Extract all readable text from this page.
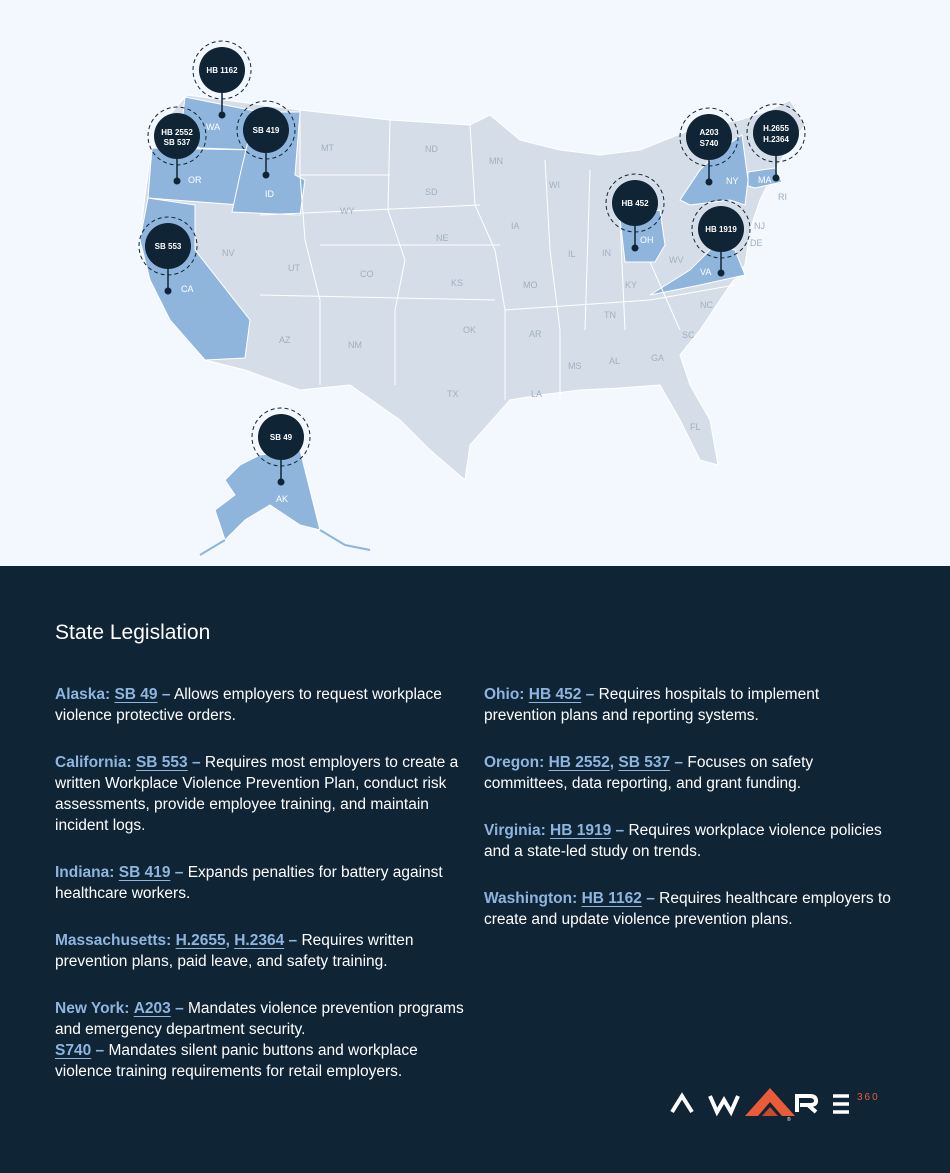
WA
OR
CA
ID
NV
MT
WY
UT
AZ
CO
NM
ND
SD
NE
KS
OK
TX
MN
IA
MO
AR
LA
WI
IL
MS	AL
IN
KY
TN
OH
GA
FL
SC
NC
VA
WV
NY MA
RI
NJ
DE
AK
HB 1162
HB 2552
SB 537
SB 419
SB 553
SB 49
HB 452
A203
S740
H.2655
H.2364
HB 1919
State Legislation

Alaska: SB 49 – Allows employers to request workplace violence protective orders.

California: SB 553 – Requires most employers to create a written Workplace Violence Prevention Plan, conduct risk assessments, provide employee training, and maintain incident logs.

Indiana: SB 419 – Expands penalties for battery against healthcare workers.

Massachusetts: H.2655, H.2364 – Requires written prevention plans, paid leave, and safety training.

New York: A203 – Mandates violence prevention programs and emergency department security.
S740 – Mandates silent panic buttons and workplace violence training requirements for retail employers.

Ohio: HB 452 – Requires hospitals to implement prevention plans and reporting systems.

Oregon: HB 2552, SB 537 – Focuses on safety committees, data reporting, and grant funding.

Virginia: HB 1919 – Requires workplace violence policies and a state-led study on trends.

Washington: HB 1162 – Requires healthcare employers to create and update violence prevention plans.

®
360
